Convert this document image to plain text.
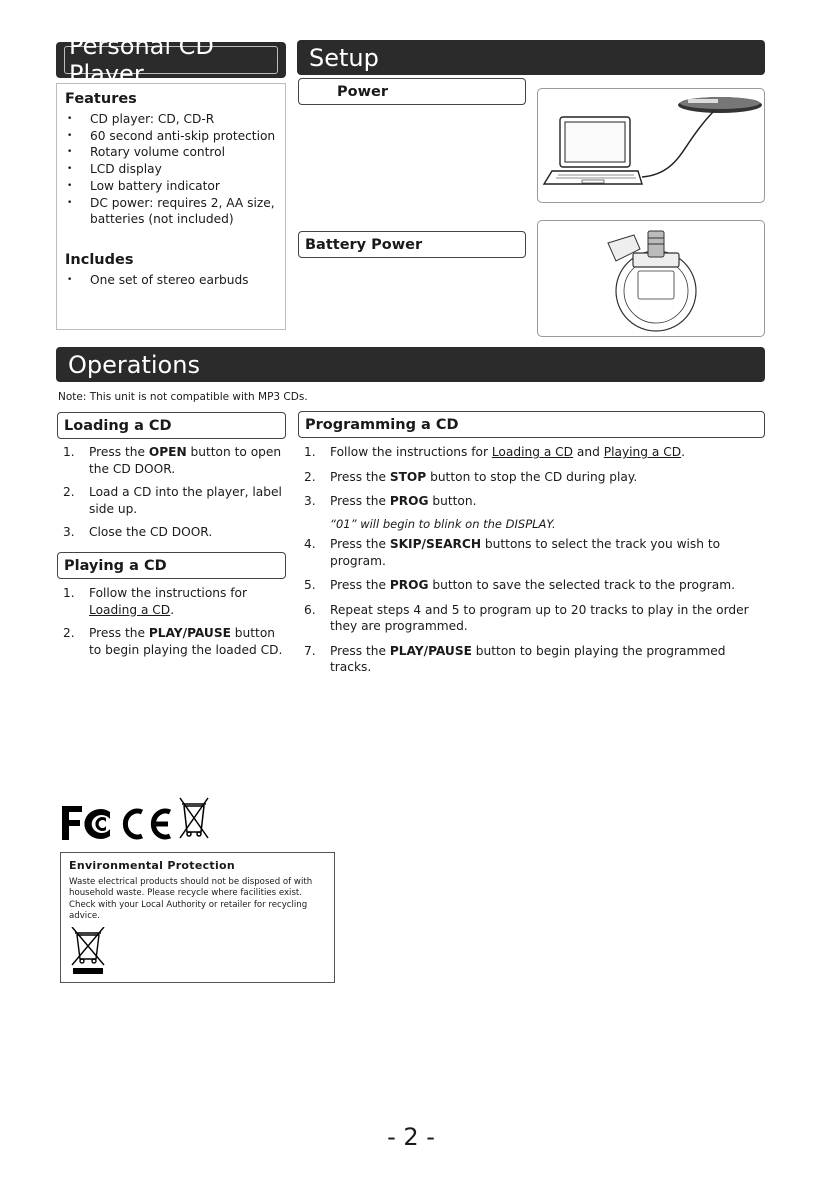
Personal CD Player
Setup
Features
• CD player: CD, CD-R
• 60 second anti-skip protection
• Rotary volume control
• LCD display
• Low battery indicator
• DC power: requires 2, AA size, batteries (not included)
Includes
• One set of stereo earbuds
Power
Battery Power
Operations
Note: This unit is not compatible with MP3 CDs.
Loading a CD
1. Press the OPEN button to open the CD DOOR.
2. Load a CD into the player, label side up.
3. Close the CD DOOR.
Playing a CD
1. Follow the instructions for Loading a CD.
2. Press the PLAY/PAUSE button to begin playing the loaded CD.
Programming a CD
1. Follow the instructions for Loading a CD and Playing a CD.
2. Press the STOP button to stop the CD during play.
3. Press the PROG button.
“01” will begin to blink on the DISPLAY.
4. Press the SKIP/SEARCH buttons to select the track you wish to program.
5. Press the PROG button to save the selected track to the program.
6. Repeat steps 4 and 5 to program up to 20 tracks to play in the order they are programmed.
7. Press the PLAY/PAUSE button to begin playing the programmed tracks.
Environmental Protection

Waste electrical products should not be disposed of with household waste. Please recycle where facilities exist. Check with your Local Authority or retailer for recycling advice.

- 2 -
